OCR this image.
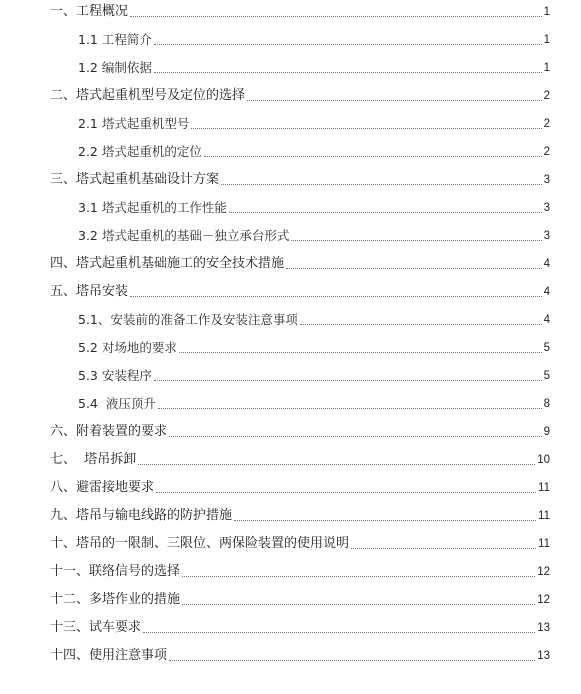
一、工程概况	1
1.1 工程简介	1
1.2 编制依据	1
二、塔式起重机型号及定位的选择	2
2.1 塔式起重机型号	2
2.2 塔式起重机的定位	2
三、塔式起重机基础设计方案	3
3.1 塔式起重机的工作性能	3
3.2 塔式起重机的基础－独立承台形式	3
四、塔式起重机基础施工的安全技术措施	4
五、塔吊安装	4
5.1、安装前的准备工作及安装注意事项	4
5.2 对场地的要求	5
5.3 安装程序	5
5.4  液压顶升	8
六、附着装置的要求	9
七、  塔吊拆卸	10
八、避雷接地要求	11
九、塔吊与输电线路的防护措施	11
十、塔吊的一限制、三限位、两保险装置的使用说明	11
十一、联络信号的选择	12
十二、多塔作业的措施	12
十三、试车要求	13
十四、使用注意事项	13
